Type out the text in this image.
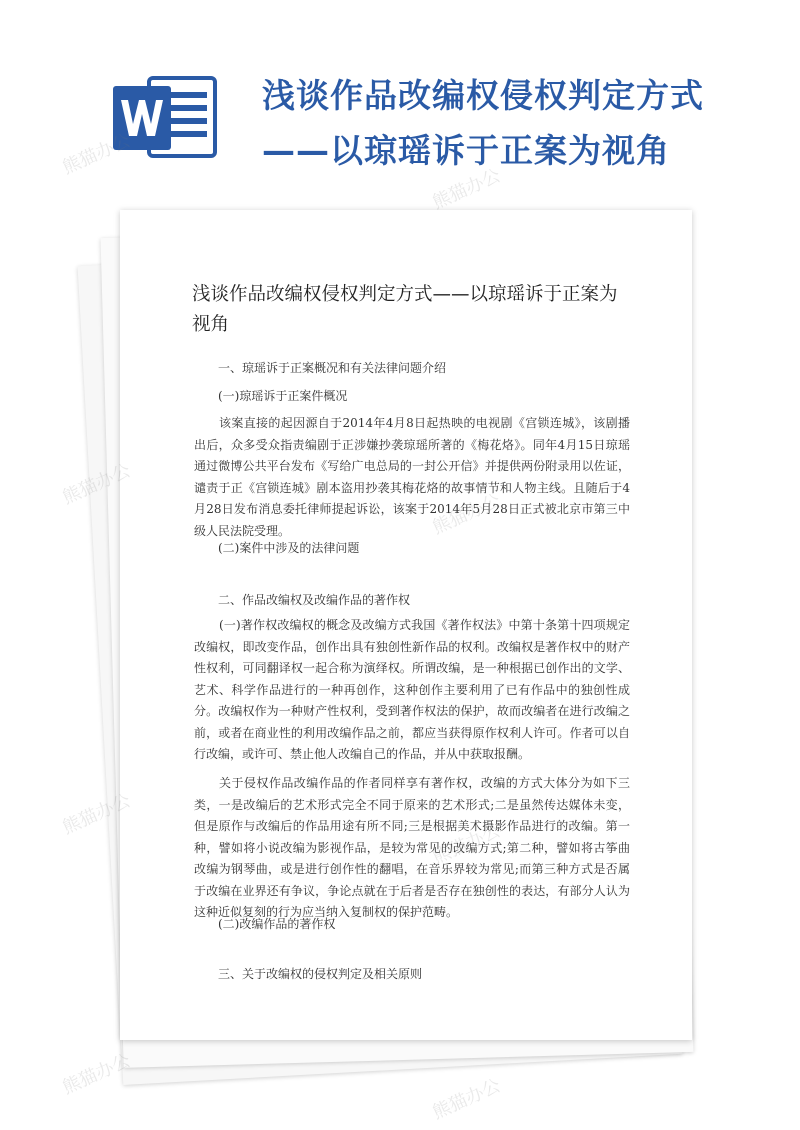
浅谈作品改编权侵权判定方式
——以琼瑶诉于正案为视角
浅谈作品改编权侵权判定方式——以琼瑶诉于正案为视角

一、琼瑶诉于正案概况和有关法律问题介绍

(一)琼瑶诉于正案件概况

该案直接的起因源自于2014年4月8日起热映的电视剧《宫锁连城》，该剧播出后，众多受众指责编剧于正涉嫌抄袭琼瑶所著的《梅花烙》。同年4月15日琼瑶通过微博公共平台发布《写给广电总局的一封公开信》并提供两份附录用以佐证，谴责于正《宫锁连城》剧本盗用抄袭其梅花烙的故事情节和人物主线。且随后于4月28日发布消息委托律师提起诉讼，该案于2014年5月28日正式被北京市第三中级人民法院受理。

(二)案件中涉及的法律问题

二、作品改编权及改编作品的著作权

(一)著作权改编权的概念及改编方式我国《著作权法》中第十条第十四项规定改编权，即改变作品，创作出具有独创性新作品的权利。改编权是著作权中的财产性权利，可同翻译权一起合称为演绎权。所谓改编，是一种根据已创作出的文学、艺术、科学作品进行的一种再创作，这种创作主要利用了已有作品中的独创性成分。改编权作为一种财产性权利，受到著作权法的保护，故而改编者在进行改编之前，或者在商业性的利用改编作品之前，都应当获得原作权利人许可。作者可以自行改编，或许可、禁止他人改编自己的作品，并从中获取报酬。

关于侵权作品改编作品的作者同样享有著作权，改编的方式大体分为如下三类，一是改编后的艺术形式完全不同于原来的艺术形式;二是虽然传达媒体未变，但是原作与改编后的作品用途有所不同;三是根据美术摄影作品进行的改编。第一种，譬如将小说改编为影视作品，是较为常见的改编方式;第二种，譬如将古筝曲改编为钢琴曲，或是进行创作性的翻唱，在音乐界较为常见;而第三种方式是否属于改编在业界还有争议，争论点就在于后者是否存在独创性的表达，有部分人认为这种近似复刻的行为应当纳入复制权的保护范畴。

(二)改编作品的著作权

三、关于改编权的侵权判定及相关原则

熊猫办公
熊猫办公
熊猫办公
熊猫办公
熊猫办公
